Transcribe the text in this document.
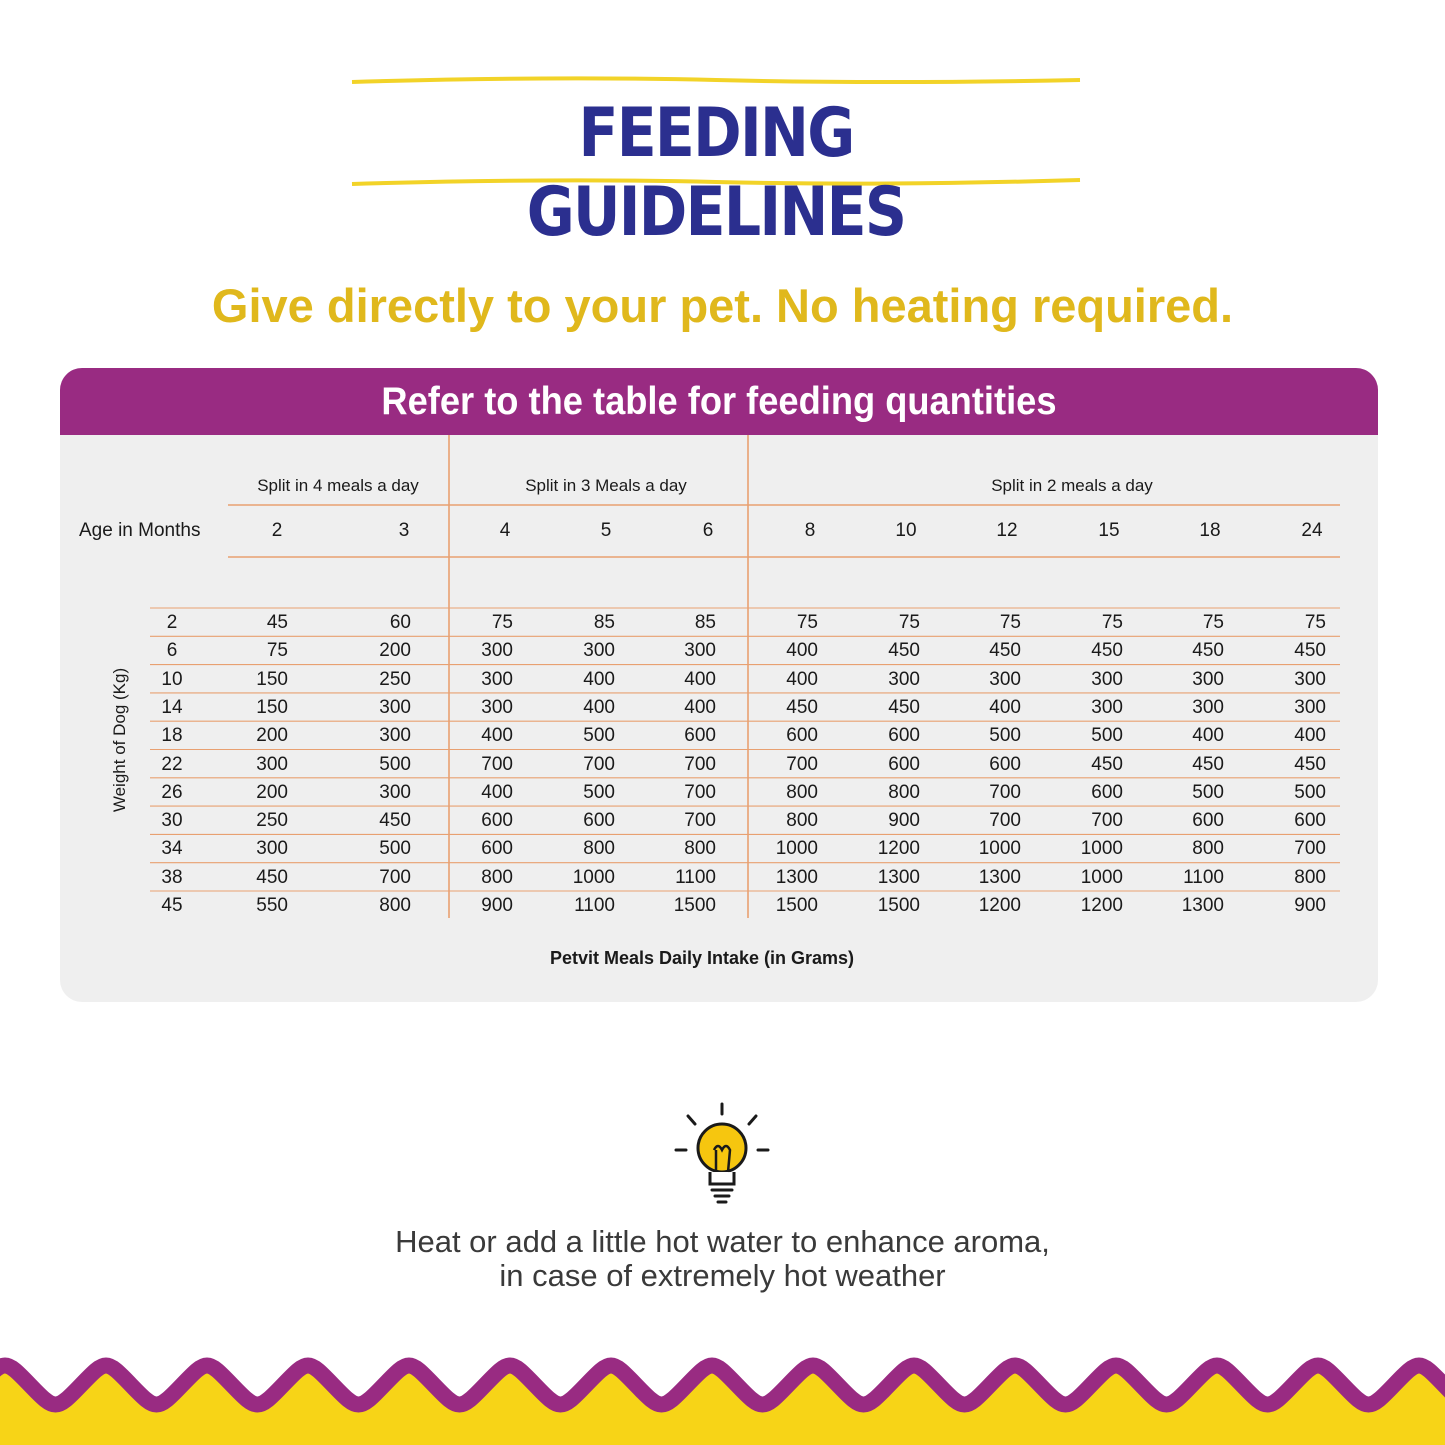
FEEDING GUIDELINES
Give directly to your pet. No heating required.
Refer to the table for feeding quantities
Split in 4 meals a day	Split in 3 Meals a day	Split in 2 meals a day
Age in Months
Weight of Dog (Kg)
Petvit Meals Daily Intake (in Grams)
2	3	4	5	6	8	10	12	15	18	24
2	45	60	75	85	85	75	75	75	75	75	75
6	75	200	300	300	300	400	450	450	450	450	450
10	150	250	300	400	400	400	300	300	300	300	300
14	150	300	300	400	400	450	450	400	300	300	300
18	200	300	400	500	600	600	600	500	500	400	400
22	300	500	700	700	700	700	600	600	450	450	450
26	200	300	400	500	700	800	800	700	600	500	500
30	250	450	600	600	700	800	900	700	700	600	600
34	300	500	600	800	800	1000	1200	1000	1000	800	700
38	450	700	800	1000	1100	1300	1300	1300	1000	1100	800
45	550	800	900	1100	1500	1500	1500	1200	1200	1300	900
Heat or add a little hot water to enhance aroma,
in case of extremely hot weather
